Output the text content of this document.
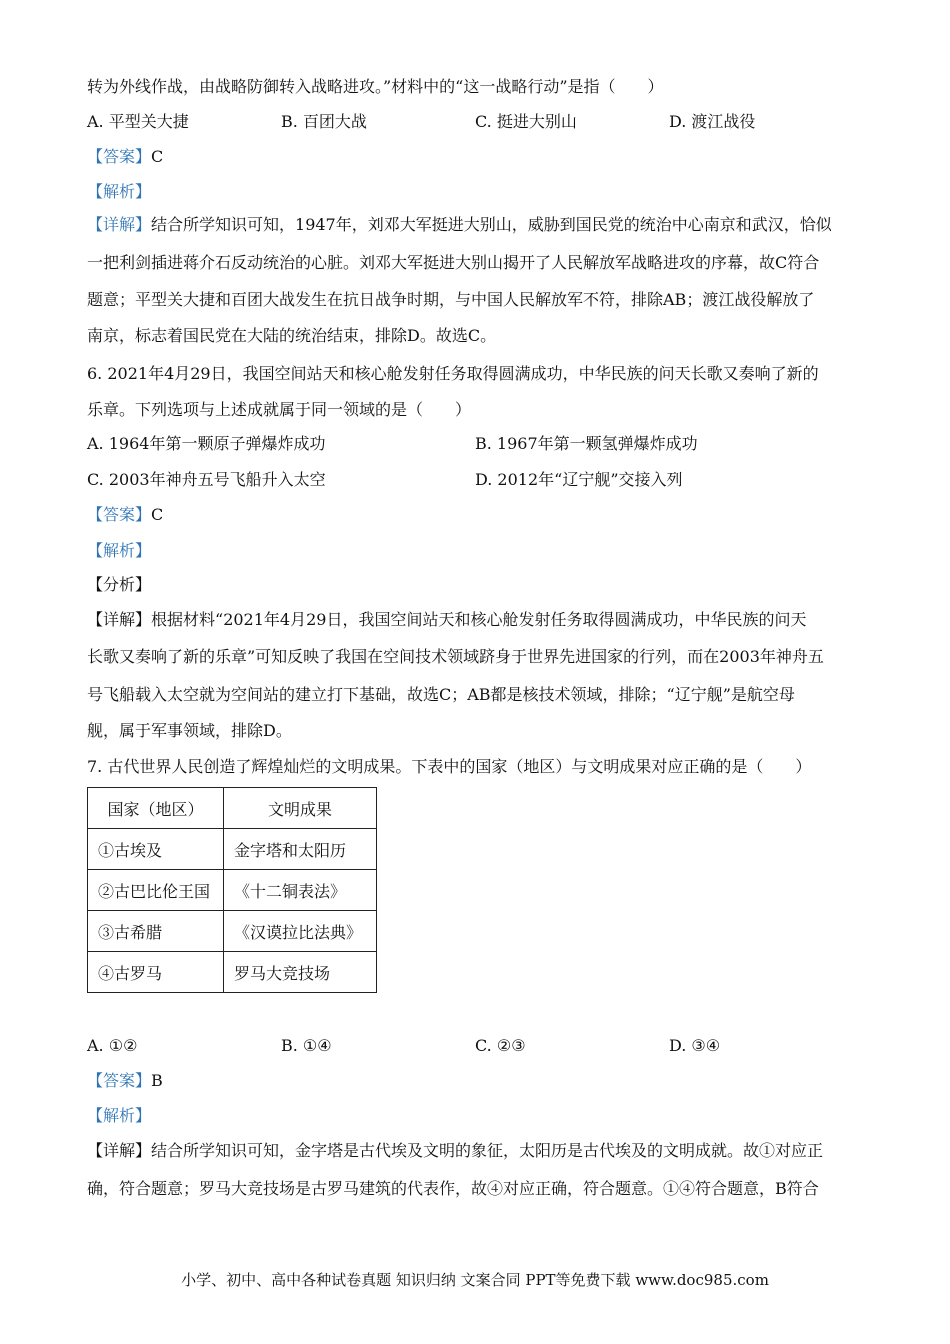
转为外线作战，由战略防御转入战略进攻。”材料中的“这一战略行动”是指（　　）
A. 平型关大捷	B. 百团大战	C. 挺进大别山	D. 渡江战役
【答案】C
【解析】
【详解】结合所学知识可知，1947年，刘邓大军挺进大别山，威胁到国民党的统治中心南京和武汉，恰似
一把利剑插进蒋介石反动统治的心脏。刘邓大军挺进大别山揭开了人民解放军战略进攻的序幕，故C符合
题意；平型关大捷和百团大战发生在抗日战争时期，与中国人民解放军不符，排除AB；渡江战役解放了
南京，标志着国民党在大陆的统治结束，排除D。故选C。
6. 2021年4月29日，我国空间站天和核心舱发射任务取得圆满成功，中华民族的问天长歌又奏响了新的
乐章。下列选项与上述成就属于同一领域的是（　　）
A. 1964年第一颗原子弹爆炸成功	B. 1967年第一颗氢弹爆炸成功
C. 2003年神舟五号飞船升入太空	D. 2012年“辽宁舰”交接入列
【答案】C
【解析】
【分析】
【详解】根据材料“2021年4月29日，我国空间站天和核心舱发射任务取得圆满成功，中华民族的问天
长歌又奏响了新的乐章”可知反映了我国在空间技术领域跻身于世界先进国家的行列，而在2003年神舟五
号飞船载入太空就为空间站的建立打下基础，故选C；AB都是核技术领域，排除；“辽宁舰”是航空母
舰，属于军事领域，排除D。
7. 古代世界人民创造了辉煌灿烂的文明成果。下表中的国家（地区）与文明成果对应正确的是（　　）
国家（地区）	文明成果
①古埃及	金字塔和太阳历
②古巴比伦王国	《十二铜表法》
③古希腊	《汉谟拉比法典》
④古罗马	罗马大竞技场
A. ①②	B. ①④	C. ②③	D. ③④
【答案】B
【解析】
【详解】结合所学知识可知，金字塔是古代埃及文明的象征，太阳历是古代埃及的文明成就。故①对应正
确，符合题意；罗马大竞技场是古罗马建筑的代表作，故④对应正确，符合题意。①④符合题意，B符合
小学、初中、高中各种试卷真题 知识归纳 文案合同 PPT等免费下载 www.doc985.com
